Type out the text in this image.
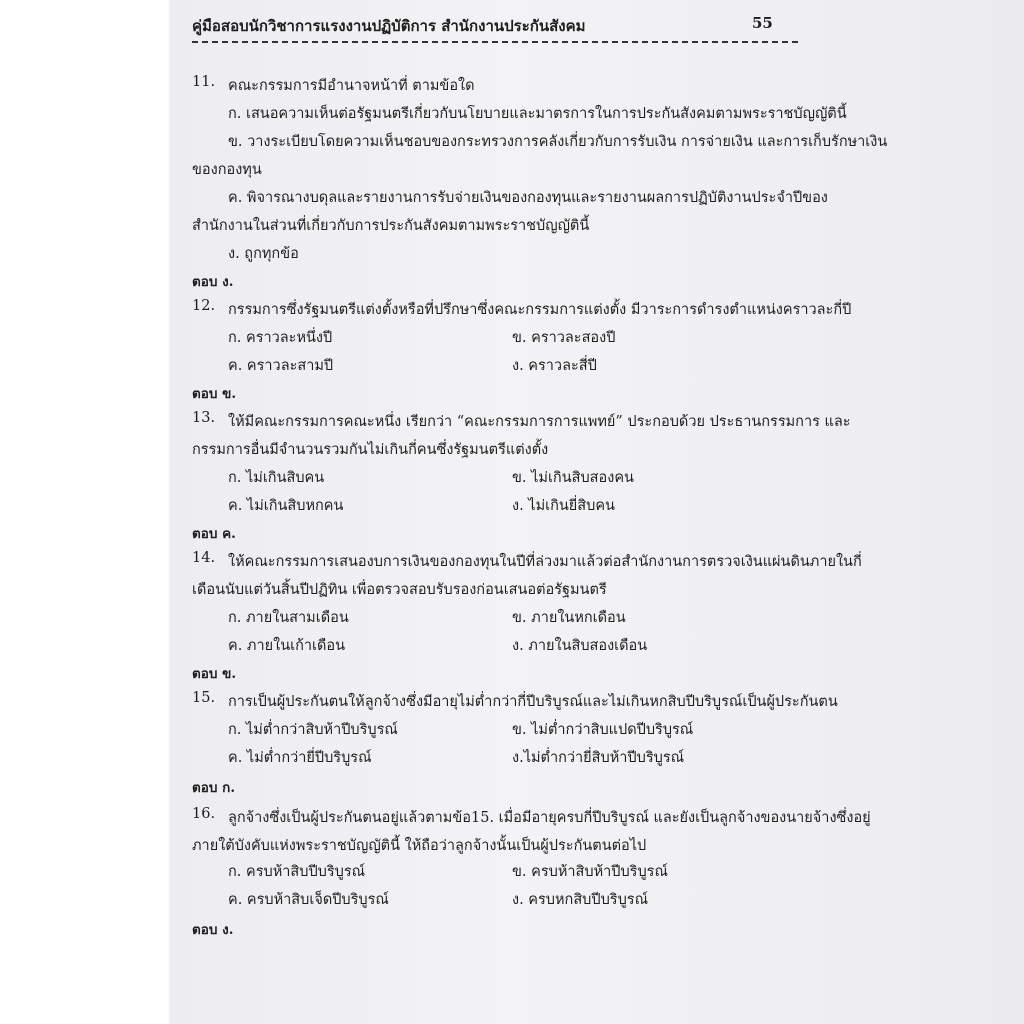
คู่มือสอบนักวิชาการแรงงานปฏิบัติการ สำนักงานประกันสังคม	55
11. คณะกรรมการมีอำนาจหน้าที่ ตามข้อใด
ก. เสนอความเห็นต่อรัฐมนตรีเกี่ยวกับนโยบายและมาตรการในการประกันสังคมตามพระราชบัญญัตินี้
ข. วางระเบียบโดยความเห็นชอบของกระทรวงการคลังเกี่ยวกับการรับเงิน การจ่ายเงิน และการเก็บรักษาเงิน
ของกองทุน
ค. พิจารณางบดุลและรายงานการรับจ่ายเงินของกองทุนและรายงานผลการปฏิบัติงานประจำปีของ
สำนักงานในส่วนที่เกี่ยวกับการประกันสังคมตามพระราชบัญญัตินี้
ง. ถูกทุกข้อ
ตอบ ง.
12. กรรมการซึ่งรัฐมนตรีแต่งตั้งหรือที่ปรึกษาซึ่งคณะกรรมการแต่งตั้ง มีวาระการดำรงตำแหน่งคราวละกี่ปี
ก. คราวละหนึ่งปี	ข. คราวละสองปี
ค. คราวละสามปี	ง. คราวละสี่ปี
ตอบ ข.
13. ให้มีคณะกรรมการคณะหนึ่ง เรียกว่า “คณะกรรมการการแพทย์” ประกอบด้วย ประธานกรรมการ และ
กรรมการอื่นมีจำนวนรวมกันไม่เกินกี่คนซึ่งรัฐมนตรีแต่งตั้ง
ก. ไม่เกินสิบคน	ข. ไม่เกินสิบสองคน
ค. ไม่เกินสิบหกคน	ง. ไม่เกินยี่สิบคน
ตอบ ค.
14. ให้คณะกรรมการเสนองบการเงินของกองทุนในปีที่ล่วงมาแล้วต่อสำนักงานการตรวจเงินแผ่นดินภายในกี่
เดือนนับแต่วันสิ้นปีปฏิทิน เพื่อตรวจสอบรับรองก่อนเสนอต่อรัฐมนตรี
ก. ภายในสามเดือน	ข. ภายในหกเดือน
ค. ภายในเก้าเดือน	ง. ภายในสิบสองเดือน
ตอบ ข.
15. การเป็นผู้ประกันตนให้ลูกจ้างซึ่งมีอายุไม่ต่ำกว่ากี่ปีบริบูรณ์และไม่เกินหกสิบปีบริบูรณ์เป็นผู้ประกันตน
ก. ไม่ต่ำกว่าสิบห้าปีบริบูรณ์	ข. ไม่ต่ำกว่าสิบแปดปีบริบูรณ์
ค. ไม่ต่ำกว่ายี่ปีบริบูรณ์	ง.ไม่ต่ำกว่ายี่สิบห้าปีบริบูรณ์
ตอบ ก.
16. ลูกจ้างซึ่งเป็นผู้ประกันตนอยู่แล้วตามข้อ15. เมื่อมีอายุครบกี่ปีบริบูรณ์ และยังเป็นลูกจ้างของนายจ้างซึ่งอยู่
ภายใต้บังคับแห่งพระราชบัญญัตินี้ ให้ถือว่าลูกจ้างนั้นเป็นผู้ประกันตนต่อไป
ก. ครบห้าสิบปีบริบูรณ์	ข. ครบห้าสิบห้าปีบริบูรณ์
ค. ครบห้าสิบเจ็ดปีบริบูรณ์	ง. ครบหกสิบปีบริบูรณ์
ตอบ ง.
